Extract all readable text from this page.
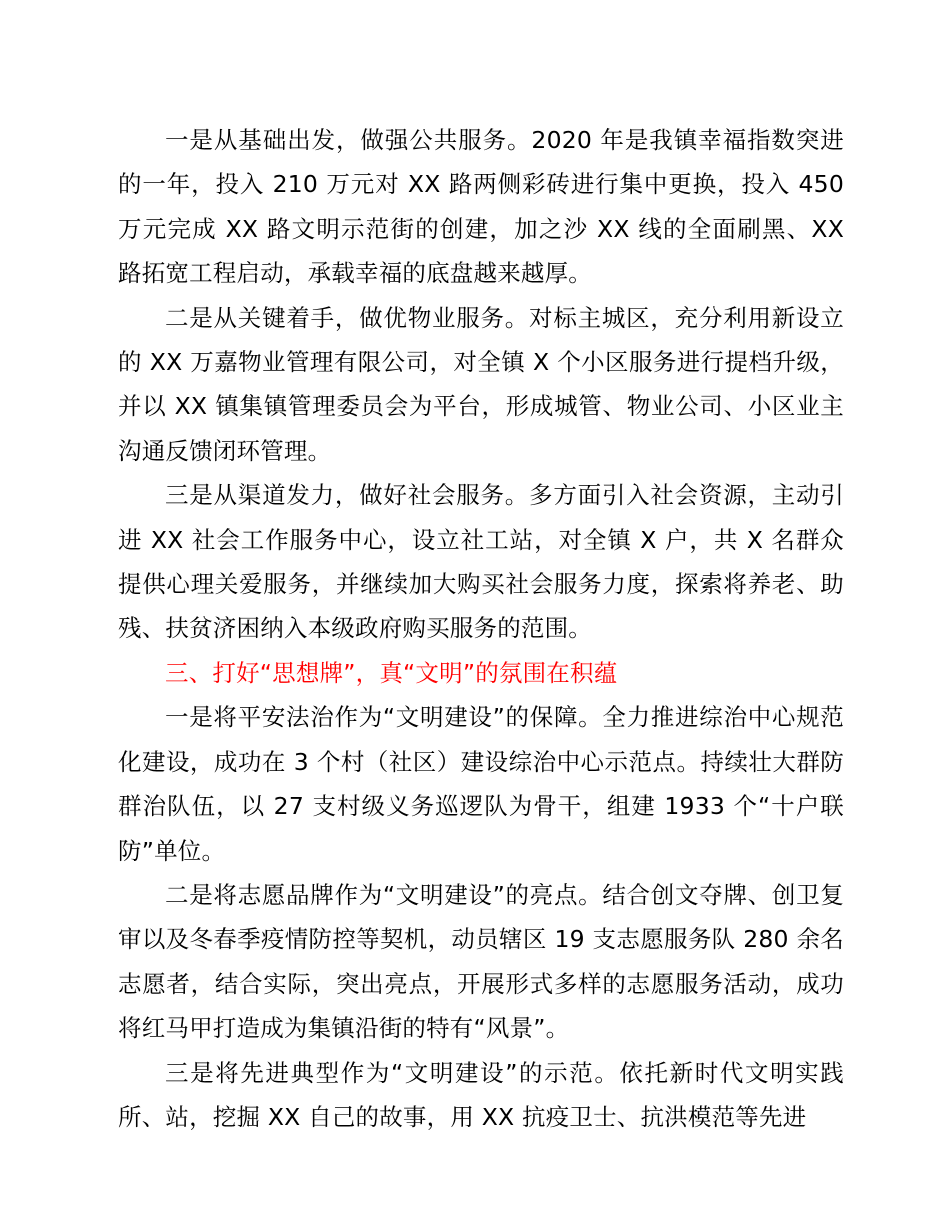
一是从基础出发，做强公共服务。2020 年是我镇幸福指数突进的一年，投入 210 万元对 XX 路两侧彩砖进行集中更换，投入 450 万元完成 XX 路文明示范街的创建，加之沙 XX 线的全面刷黑、XX 路拓宽工程启动，承载幸福的底盘越来越厚。

二是从关键着手，做优物业服务。对标主城区，充分利用新设立的 XX 万嘉物业管理有限公司，对全镇 X 个小区服务进行提档升级，并以 XX 镇集镇管理委员会为平台，形成城管、物业公司、小区业主沟通反馈闭环管理。

三是从渠道发力，做好社会服务。多方面引入社会资源，主动引进 XX 社会工作服务中心，设立社工站，对全镇 X 户，共 X 名群众提供心理关爱服务，并继续加大购买社会服务力度，探索将养老、助残、扶贫济困纳入本级政府购买服务的范围。

三、打好“思想牌”，真“文明”的氛围在积蕴

一是将平安法治作为“文明建设”的保障。全力推进综治中心规范化建设，成功在 3 个村（社区）建设综治中心示范点。持续壮大群防群治队伍，以 27 支村级义务巡逻队为骨干，组建 1933 个“十户联防”单位。

二是将志愿品牌作为“文明建设”的亮点。结合创文夺牌、创卫复审以及冬春季疫情防控等契机，动员辖区 19 支志愿服务队 280 余名志愿者，结合实际，突出亮点，开展形式多样的志愿服务活动，成功将红马甲打造成为集镇沿街的特有“风景”。

三是将先进典型作为“文明建设”的示范。依托新时代文明实践所、站，挖掘 XX 自己的故事，用 XX 抗疫卫士、抗洪模范等先进
